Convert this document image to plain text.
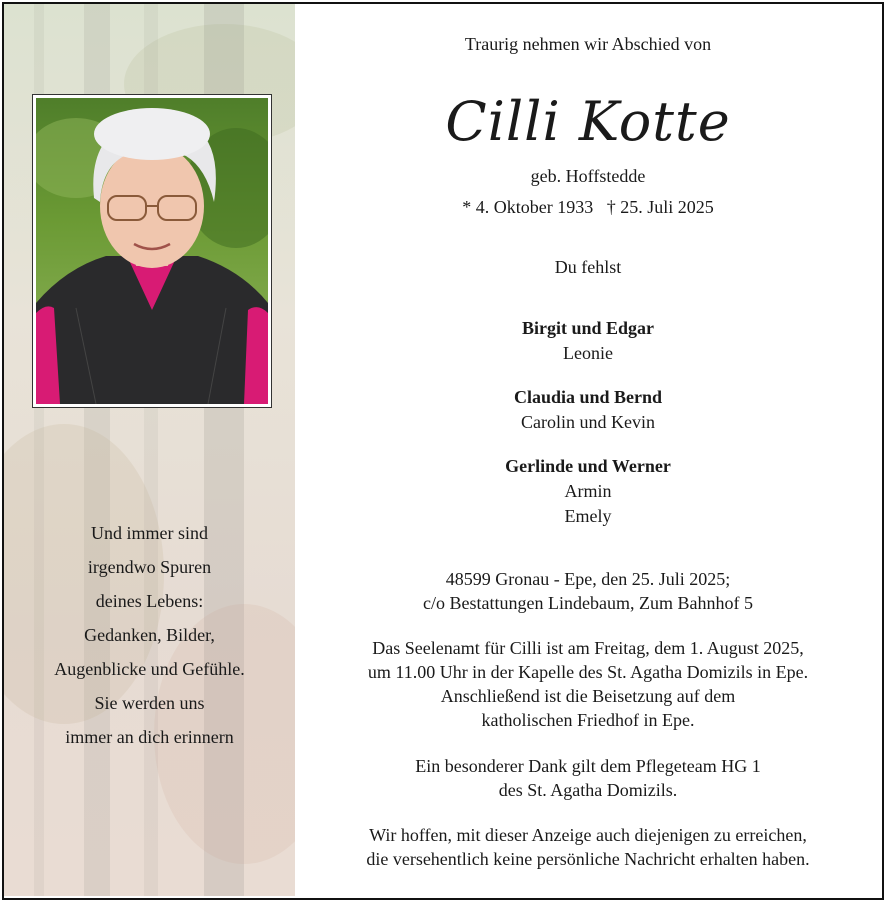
Und immer sind
irgendwo Spuren
deines Lebens:
Gedanken, Bilder,
Augenblicke und Gefühle.
Sie werden uns
immer an dich erinnern
Traurig nehmen wir Abschied von
Cilli Kotte
geb. Hoffstedde
* 4. Oktober 1933 † 25. Juli 2025
Du fehlst
Birgit und Edgar
Leonie
Claudia und Bernd
Carolin und Kevin
Gerlinde und Werner
Armin
Emely
48599 Gronau - Epe, den 25. Juli 2025;
c/o Bestattungen Lindebaum, Zum Bahnhof 5
Das Seelenamt für Cilli ist am Freitag, dem 1. August 2025,
um 11.00 Uhr in der Kapelle des St. Agatha Domizils in Epe.
Anschließend ist die Beisetzung auf dem
katholischen Friedhof in Epe.
Ein besonderer Dank gilt dem Pflegeteam HG 1
des St. Agatha Domizils.
Wir hoffen, mit dieser Anzeige auch diejenigen zu erreichen,
die versehentlich keine persönliche Nachricht erhalten haben.
